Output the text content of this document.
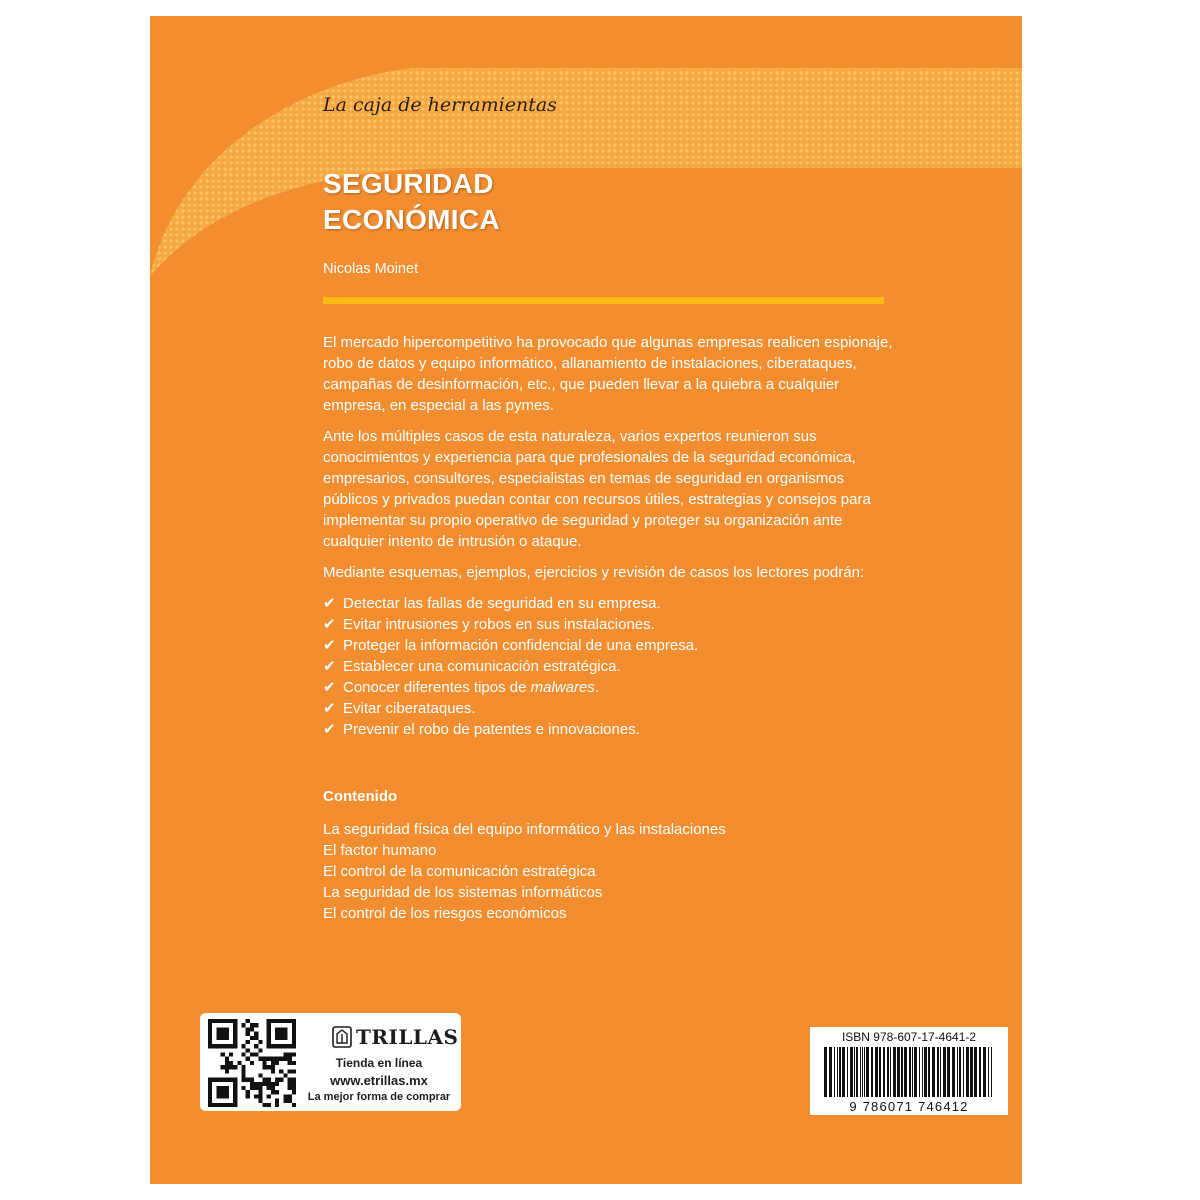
La caja de herramientas
SEGURIDAD
ECONÓMICA
Nicolas Moinet

El mercado hipercompetitivo ha provocado que algunas empresas realicen espionaje, robo de datos y equipo informático, allanamiento de instalaciones, ciberataques, campañas de desinformación, etc., que pueden llevar a la quiebra a cualquier empresa, en especial a las pymes.

Ante los múltiples casos de esta naturaleza, varios expertos reunieron sus conocimientos y experiencia para que profesionales de la seguridad económica, empresarios, consultores, especialistas en temas de seguridad en organismos públicos y privados puedan contar con recursos útiles, estrategias y consejos para implementar su propio operativo de seguridad y proteger su organización ante cualquier intento de intrusión o ataque.

Mediante esquemas, ejemplos, ejercicios y revisión de casos los lectores podrán:

✔ Detectar las fallas de seguridad en su empresa.
✔ Evitar intrusiones y robos en sus instalaciones.
✔ Proteger la información confidencial de una empresa.
✔ Establecer una comunicación estratégica.
✔ Conocer diferentes tipos de malwares.
✔ Evitar ciberataques.
✔ Prevenir el robo de patentes e innovaciones.
Contenido
La seguridad física del equipo informático y las instalaciones
El factor humano
El control de la comunicación estratégica
La seguridad de los sistemas informáticos
El control de los riesgos económicos
TRILLAS
Tienda en línea
www.etrillas.mx
La mejor forma de comprar
ISBN 978-607-17-4641-2
9 786071 746412
